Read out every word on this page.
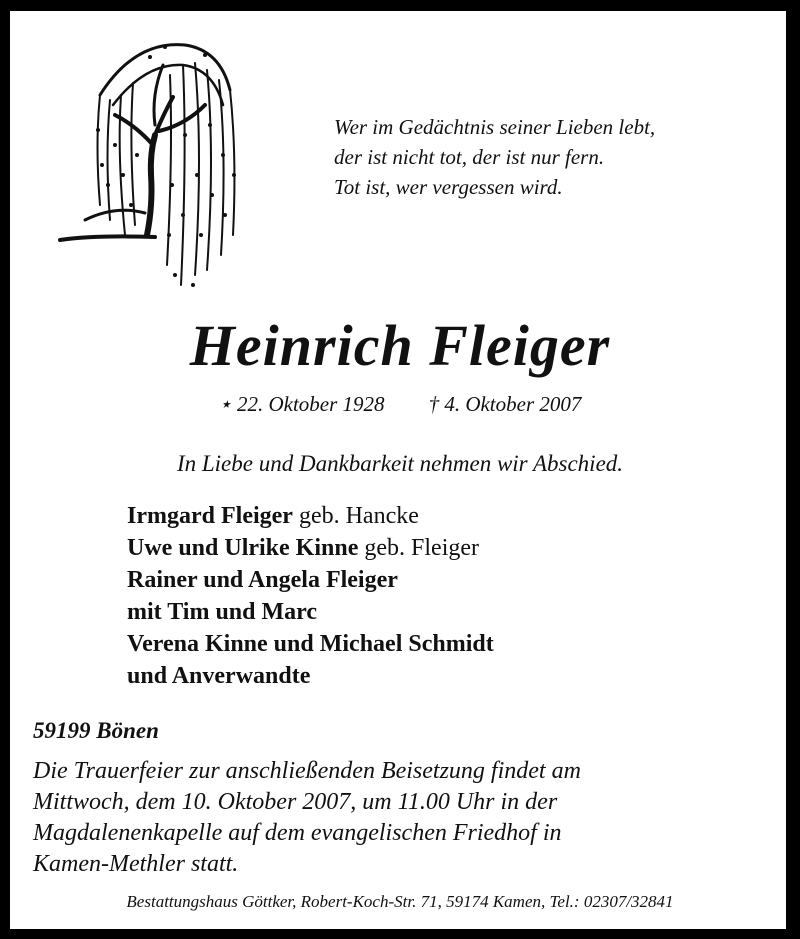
Wer im Gedächtnis seiner Lieben lebt,
der ist nicht tot, der ist nur fern.
Tot ist, wer vergessen wird.
Heinrich Fleiger
⋆ 22. Oktober 1928 † 4. Oktober 2007
In Liebe und Dankbarkeit nehmen wir Abschied.
Irmgard Fleiger geb. Hancke
Uwe und Ulrike Kinne geb. Fleiger
Rainer und Angela Fleiger
mit Tim und Marc
Verena Kinne und Michael Schmidt
und Anverwandte
59199 Bönen
Die Trauerfeier zur anschließenden Beisetzung findet am
Mittwoch, dem 10. Oktober 2007, um 11.00 Uhr in der
Magdalenenkapelle auf dem evangelischen Friedhof in
Kamen-Methler statt.
Bestattungshaus Göttker, Robert-Koch-Str. 71, 59174 Kamen, Tel.: 02307/32841
